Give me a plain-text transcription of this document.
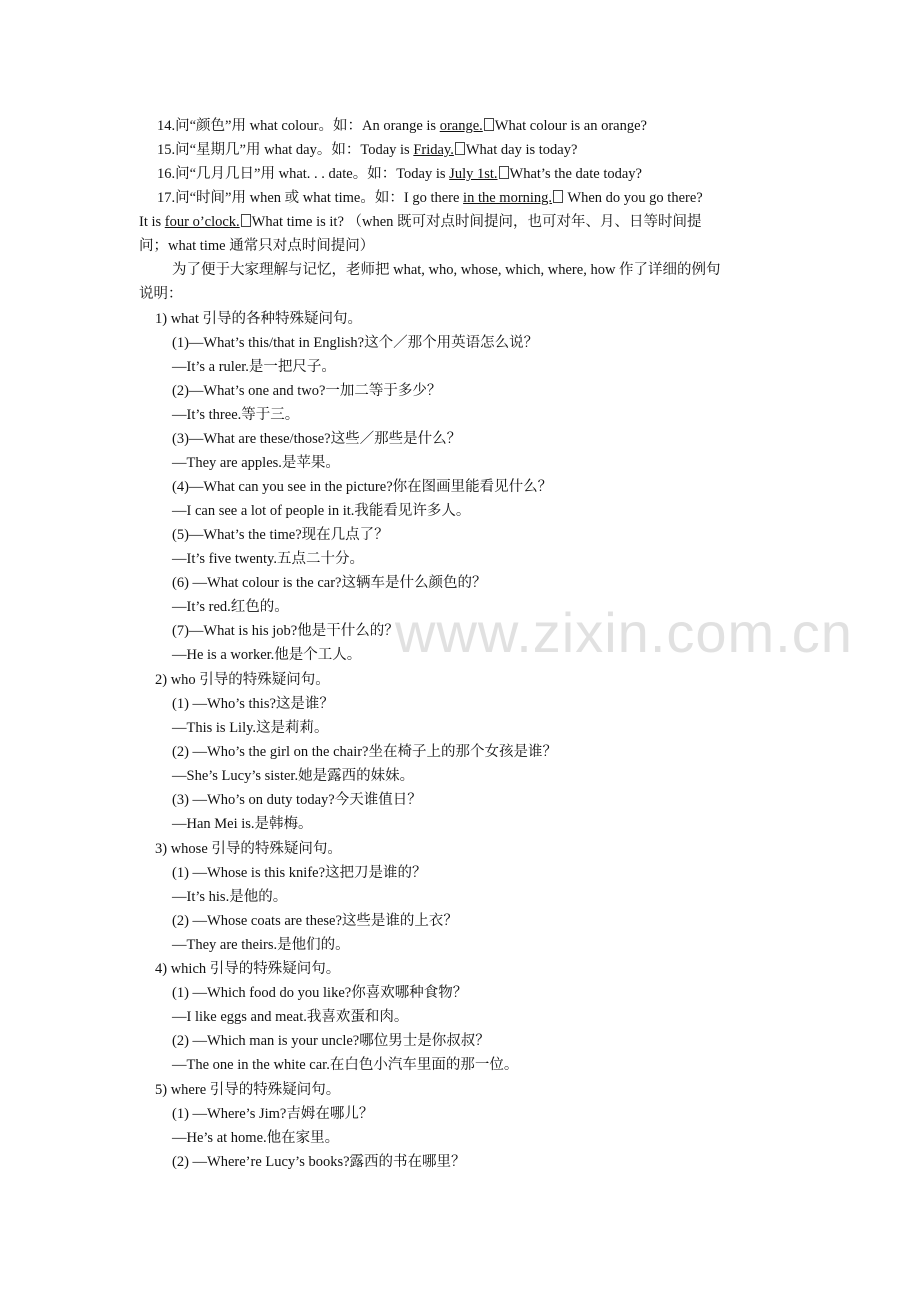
www.zixin.com.cn
14.问“颜色”用 what colour。如：An orange is orange. What colour is an orange?
15.问“星期几”用 what day。如：Today is Friday. What day is today?
16.问“几月几日”用 what. . . date。如：Today is July 1st. What’s the date today?
17.问“时间”用 when 或 what time。如：I go there in the morning. When do you go there?
It is four o’clock. What time is it? （when 既可对点时间提问，也可对年、月、日等时间提
问；what time 通常只对点时间提问）
为了便于大家理解与记忆，老师把 what, who, whose, which, where, how 作了详细的例句
说明：
1) what 引导的各种特殊疑问句。
(1)—What’s this/that in English?这个／那个用英语怎么说？
—It’s a ruler.是一把尺子。
(2)—What’s one and two?一加二等于多少？
—It’s three.等于三。
(3)—What are these/those?这些／那些是什么？
—They are apples.是苹果。
(4)—What can you see in the picture?你在图画里能看见什么？
—I can see a lot of people in it.我能看见许多人。
(5)—What’s the time?现在几点了？
—It’s five twenty.五点二十分。
(6) —What colour is the car?这辆车是什么颜色的？
—It’s red.红色的。
(7)—What is his job?他是干什么的？
—He is a worker.他是个工人。
2) who 引导的特殊疑问句。
(1) —Who’s this?这是谁？
—This is Lily.这是莉莉。
(2) —Who’s the girl on the chair?坐在椅子上的那个女孩是谁？
—She’s Lucy’s sister.她是露西的妹妹。
(3) —Who’s on duty today?今天谁值日？
—Han Mei is.是韩梅。
3) whose 引导的特殊疑问句。
(1) —Whose is this knife?这把刀是谁的？
—It’s his.是他的。
(2) —Whose coats are these?这些是谁的上衣？
—They are theirs.是他们的。
4) which 引导的特殊疑问句。
(1) —Which food do you like?你喜欢哪种食物？
—I like eggs and meat.我喜欢蛋和肉。
(2) —Which man is your uncle?哪位男士是你叔叔？
—The one in the white car.在白色小汽车里面的那一位。
5) where 引导的特殊疑问句。
(1) —Where’s Jim?吉姆在哪儿？
—He’s at home.他在家里。
(2) —Where’re Lucy’s books?露西的书在哪里？
